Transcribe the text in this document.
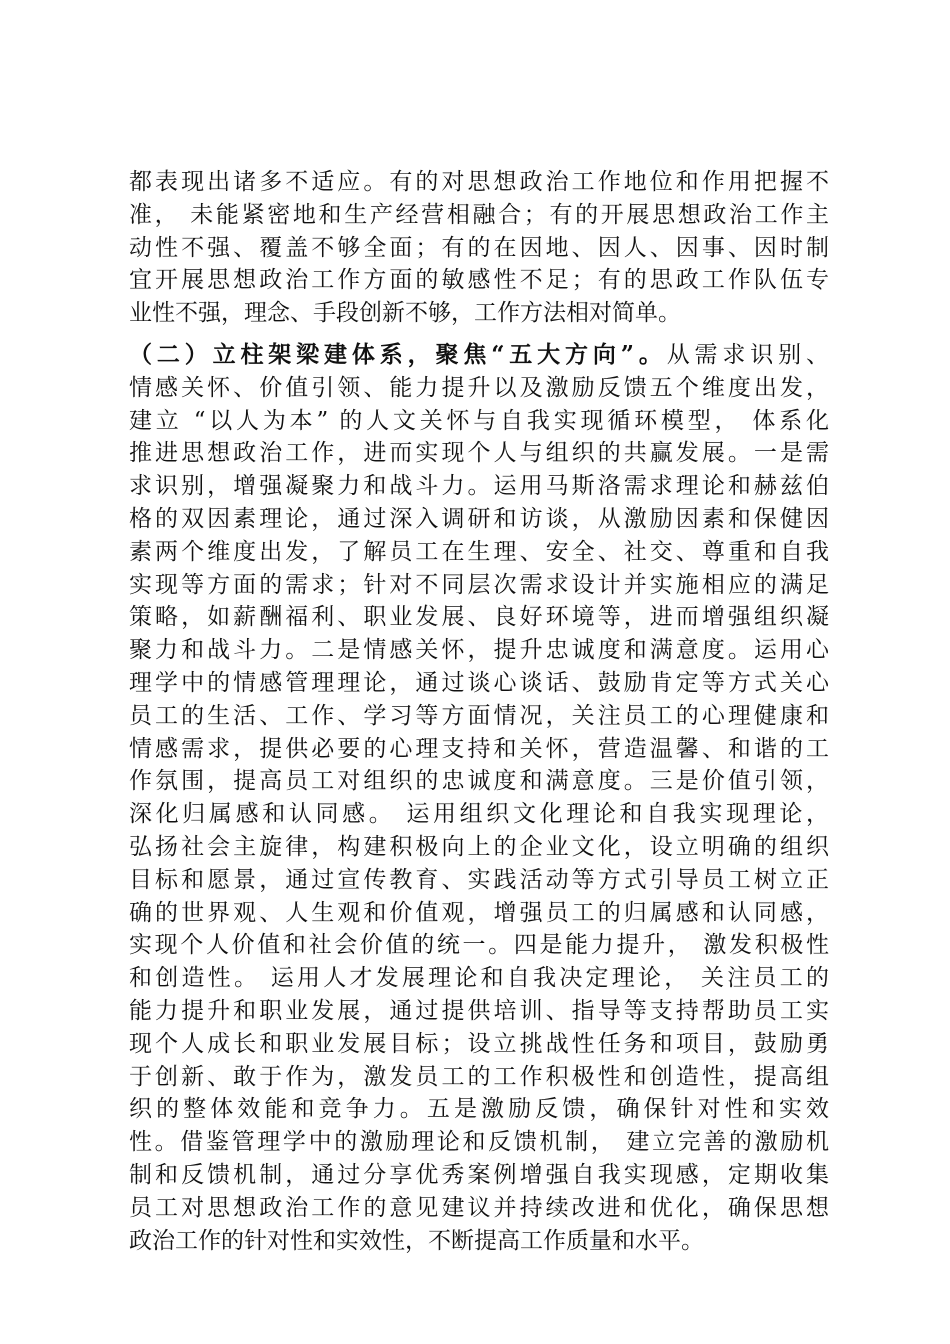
都表现出诸多不适应。有的对思想政治工作地位和作用把握不
准， 未能紧密地和生产经营相融合；有的开展思想政治工作主
动性不强、覆盖不够全面；有的在因地、因人、因事、因时制
宜开展思想政治工作方面的敏感性不足；有的思政工作队伍专
业性不强，理念、手段创新不够，工作方法相对简单。
（二）立柱架梁建体系，聚焦“五大方向”。从需求识别、
情感关怀、价值引领、能力提升以及激励反馈五个维度出发，
建立 “以人为本” 的人文关怀与自我实现循环模型， 体系化
推进思想政治工作，进而实现个人与组织的共赢发展。一是需
求识别，增强凝聚力和战斗力。运用马斯洛需求理论和赫兹伯
格的双因素理论，通过深入调研和访谈，从激励因素和保健因
素两个维度出发，了解员工在生理、安全、社交、尊重和自我
实现等方面的需求；针对不同层次需求设计并实施相应的满足
策略，如薪酬福利、职业发展、良好环境等，进而增强组织凝
聚力和战斗力。二是情感关怀，提升忠诚度和满意度。运用心
理学中的情感管理理论，通过谈心谈话、鼓励肯定等方式关心
员工的生活、工作、学习等方面情况，关注员工的心理健康和
情感需求，提供必要的心理支持和关怀，营造温馨、和谐的工
作氛围，提高员工对组织的忠诚度和满意度。三是价值引领，
深化归属感和认同感。 运用组织文化理论和自我实现理论，
弘扬社会主旋律，构建积极向上的企业文化，设立明确的组织
目标和愿景，通过宣传教育、实践活动等方式引导员工树立正
确的世界观、人生观和价值观，增强员工的归属感和认同感，
实现个人价值和社会价值的统一。四是能力提升， 激发积极性
和创造性。 运用人才发展理论和自我决定理论， 关注员工的
能力提升和职业发展，通过提供培训、指导等支持帮助员工实
现个人成长和职业发展目标；设立挑战性任务和项目，鼓励勇
于创新、敢于作为，激发员工的工作积极性和创造性，提高组
织的整体效能和竞争力。五是激励反馈，确保针对性和实效
性。借鉴管理学中的激励理论和反馈机制， 建立完善的激励机
制和反馈机制，通过分享优秀案例增强自我实现感，定期收集
员工对思想政治工作的意见建议并持续改进和优化，确保思想
政治工作的针对性和实效性，不断提高工作质量和水平。
